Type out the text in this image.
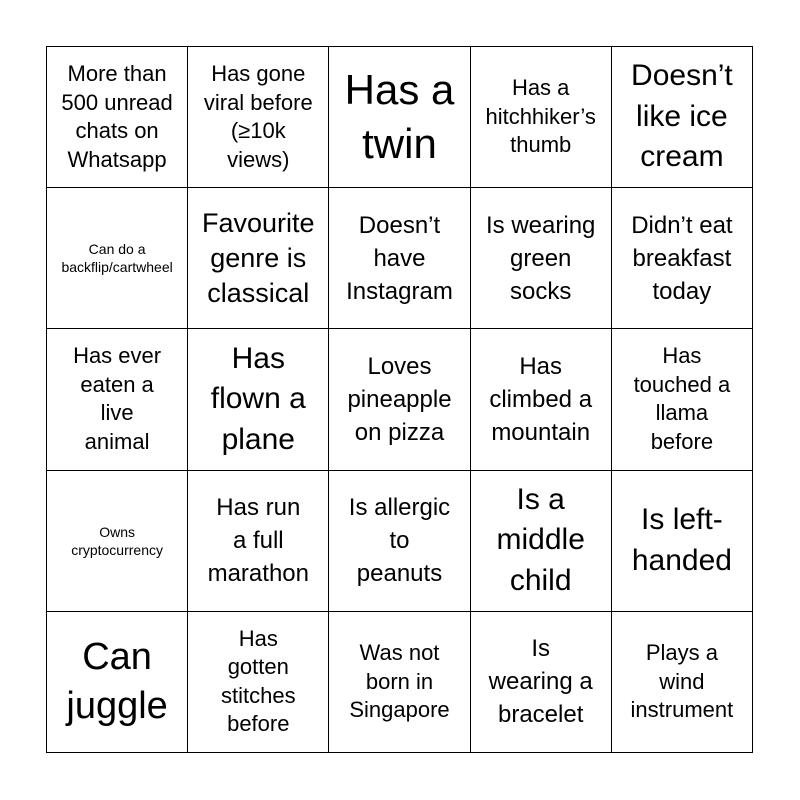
More than
500 unread
chats on
Whatsapp
Has gone
viral before
(≥10k
views)
Has a
twin
Has a
hitchhiker’s
thumb
Doesn’t
like ice
cream
Can do a
backflip/cartwheel
Favourite
genre is
classical
Doesn’t
have
Instagram
Is wearing
green
socks
Didn’t eat
breakfast
today
Has ever
eaten a
live
animal
Has
flown a
plane
Loves
pineapple
on pizza
Has
climbed a
mountain
Has
touched a
llama
before
Owns
cryptocurrency
Has run
a full
marathon
Is allergic
to
peanuts
Is a
middle
child
Is left-
handed
Can
juggle
Has
gotten
stitches
before
Was not
born in
Singapore
Is
wearing a
bracelet
Plays a
wind
instrument
